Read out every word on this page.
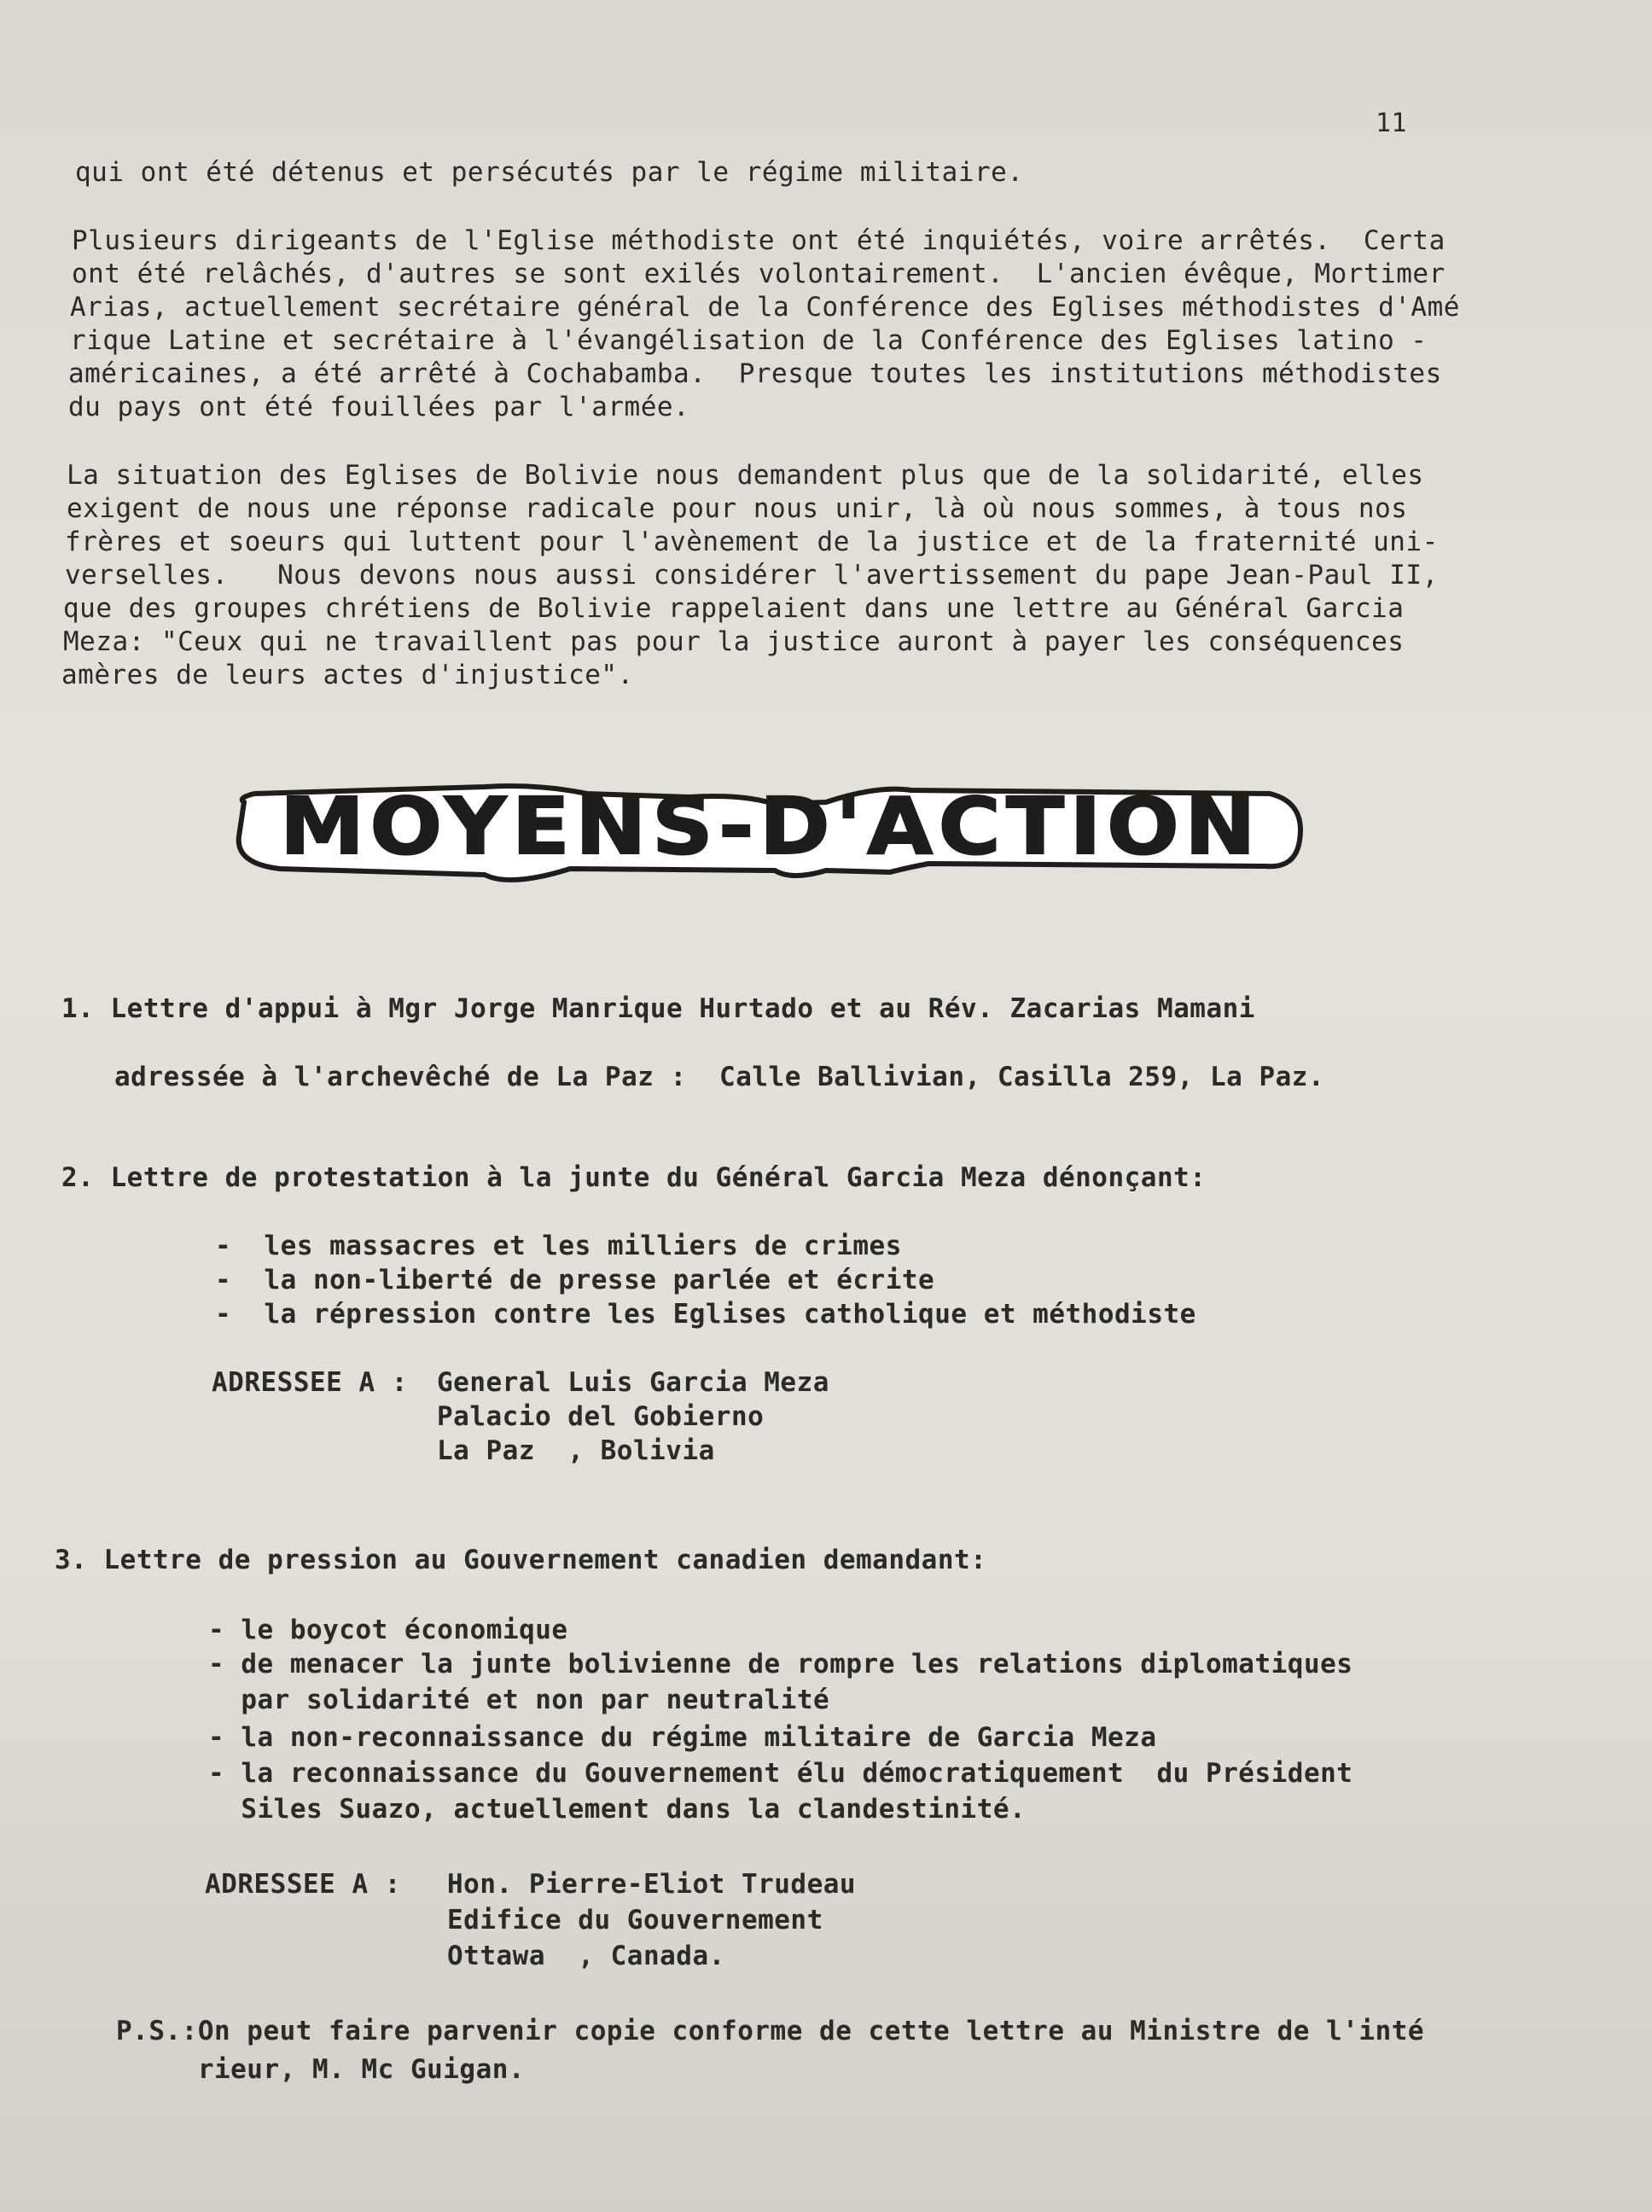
11
qui ont été détenus et persécutés par le régime militaire.
Plusieurs dirigeants de l'Eglise méthodiste ont été inquiétés, voire arrêtés.  Certa
ont été relâchés, d'autres se sont exilés volontairement.  L'ancien évêque, Mortimer
Arias, actuellement secrétaire général de la Conférence des Eglises méthodistes d'Amé
rique Latine et secrétaire à l'évangélisation de la Conférence des Eglises latino -
américaines, a été arrêté à Cochabamba.  Presque toutes les institutions méthodistes
du pays ont été fouillées par l'armée.
La situation des Eglises de Bolivie nous demandent plus que de la solidarité, elles
exigent de nous une réponse radicale pour nous unir, là où nous sommes, à tous nos
frères et soeurs qui luttent pour l'avènement de la justice et de la fraternité uni-
verselles.   Nous devons nous aussi considérer l'avertissement du pape Jean-Paul II,
que des groupes chrétiens de Bolivie rappelaient dans une lettre au Général Garcia
Meza: "Ceux qui ne travaillent pas pour la justice auront à payer les conséquences
amères de leurs actes d'injustice".
MOYENS-D'ACTION
1. Lettre d'appui à Mgr Jorge Manrique Hurtado et au Rév. Zacarias Mamani
adressée à l'archevêché de La Paz :  Calle Ballivian, Casilla 259, La Paz.
2. Lettre de protestation à la junte du Général Garcia Meza dénonçant:
-  les massacres et les milliers de crimes
-  la non-liberté de presse parlée et écrite
-  la répression contre les Eglises catholique et méthodiste
ADRESSEE A : General Luis Garcia Meza
Palacio del Gobierno
La Paz  , Bolivia
3. Lettre de pression au Gouvernement canadien demandant:
- le boycot économique
- de menacer la junte bolivienne de rompre les relations diplomatiques
par solidarité et non par neutralité
- la non-reconnaissance du régime militaire de Garcia Meza
- la reconnaissance du Gouvernement élu démocratiquement  du Président
Siles Suazo, actuellement dans la clandestinité.
ADRESSEE A : Hon. Pierre-Eliot Trudeau
Edifice du Gouvernement
Ottawa  , Canada.
P.S.:On peut faire parvenir copie conforme de cette lettre au Ministre de l'inté
rieur, M. Mc Guigan.
